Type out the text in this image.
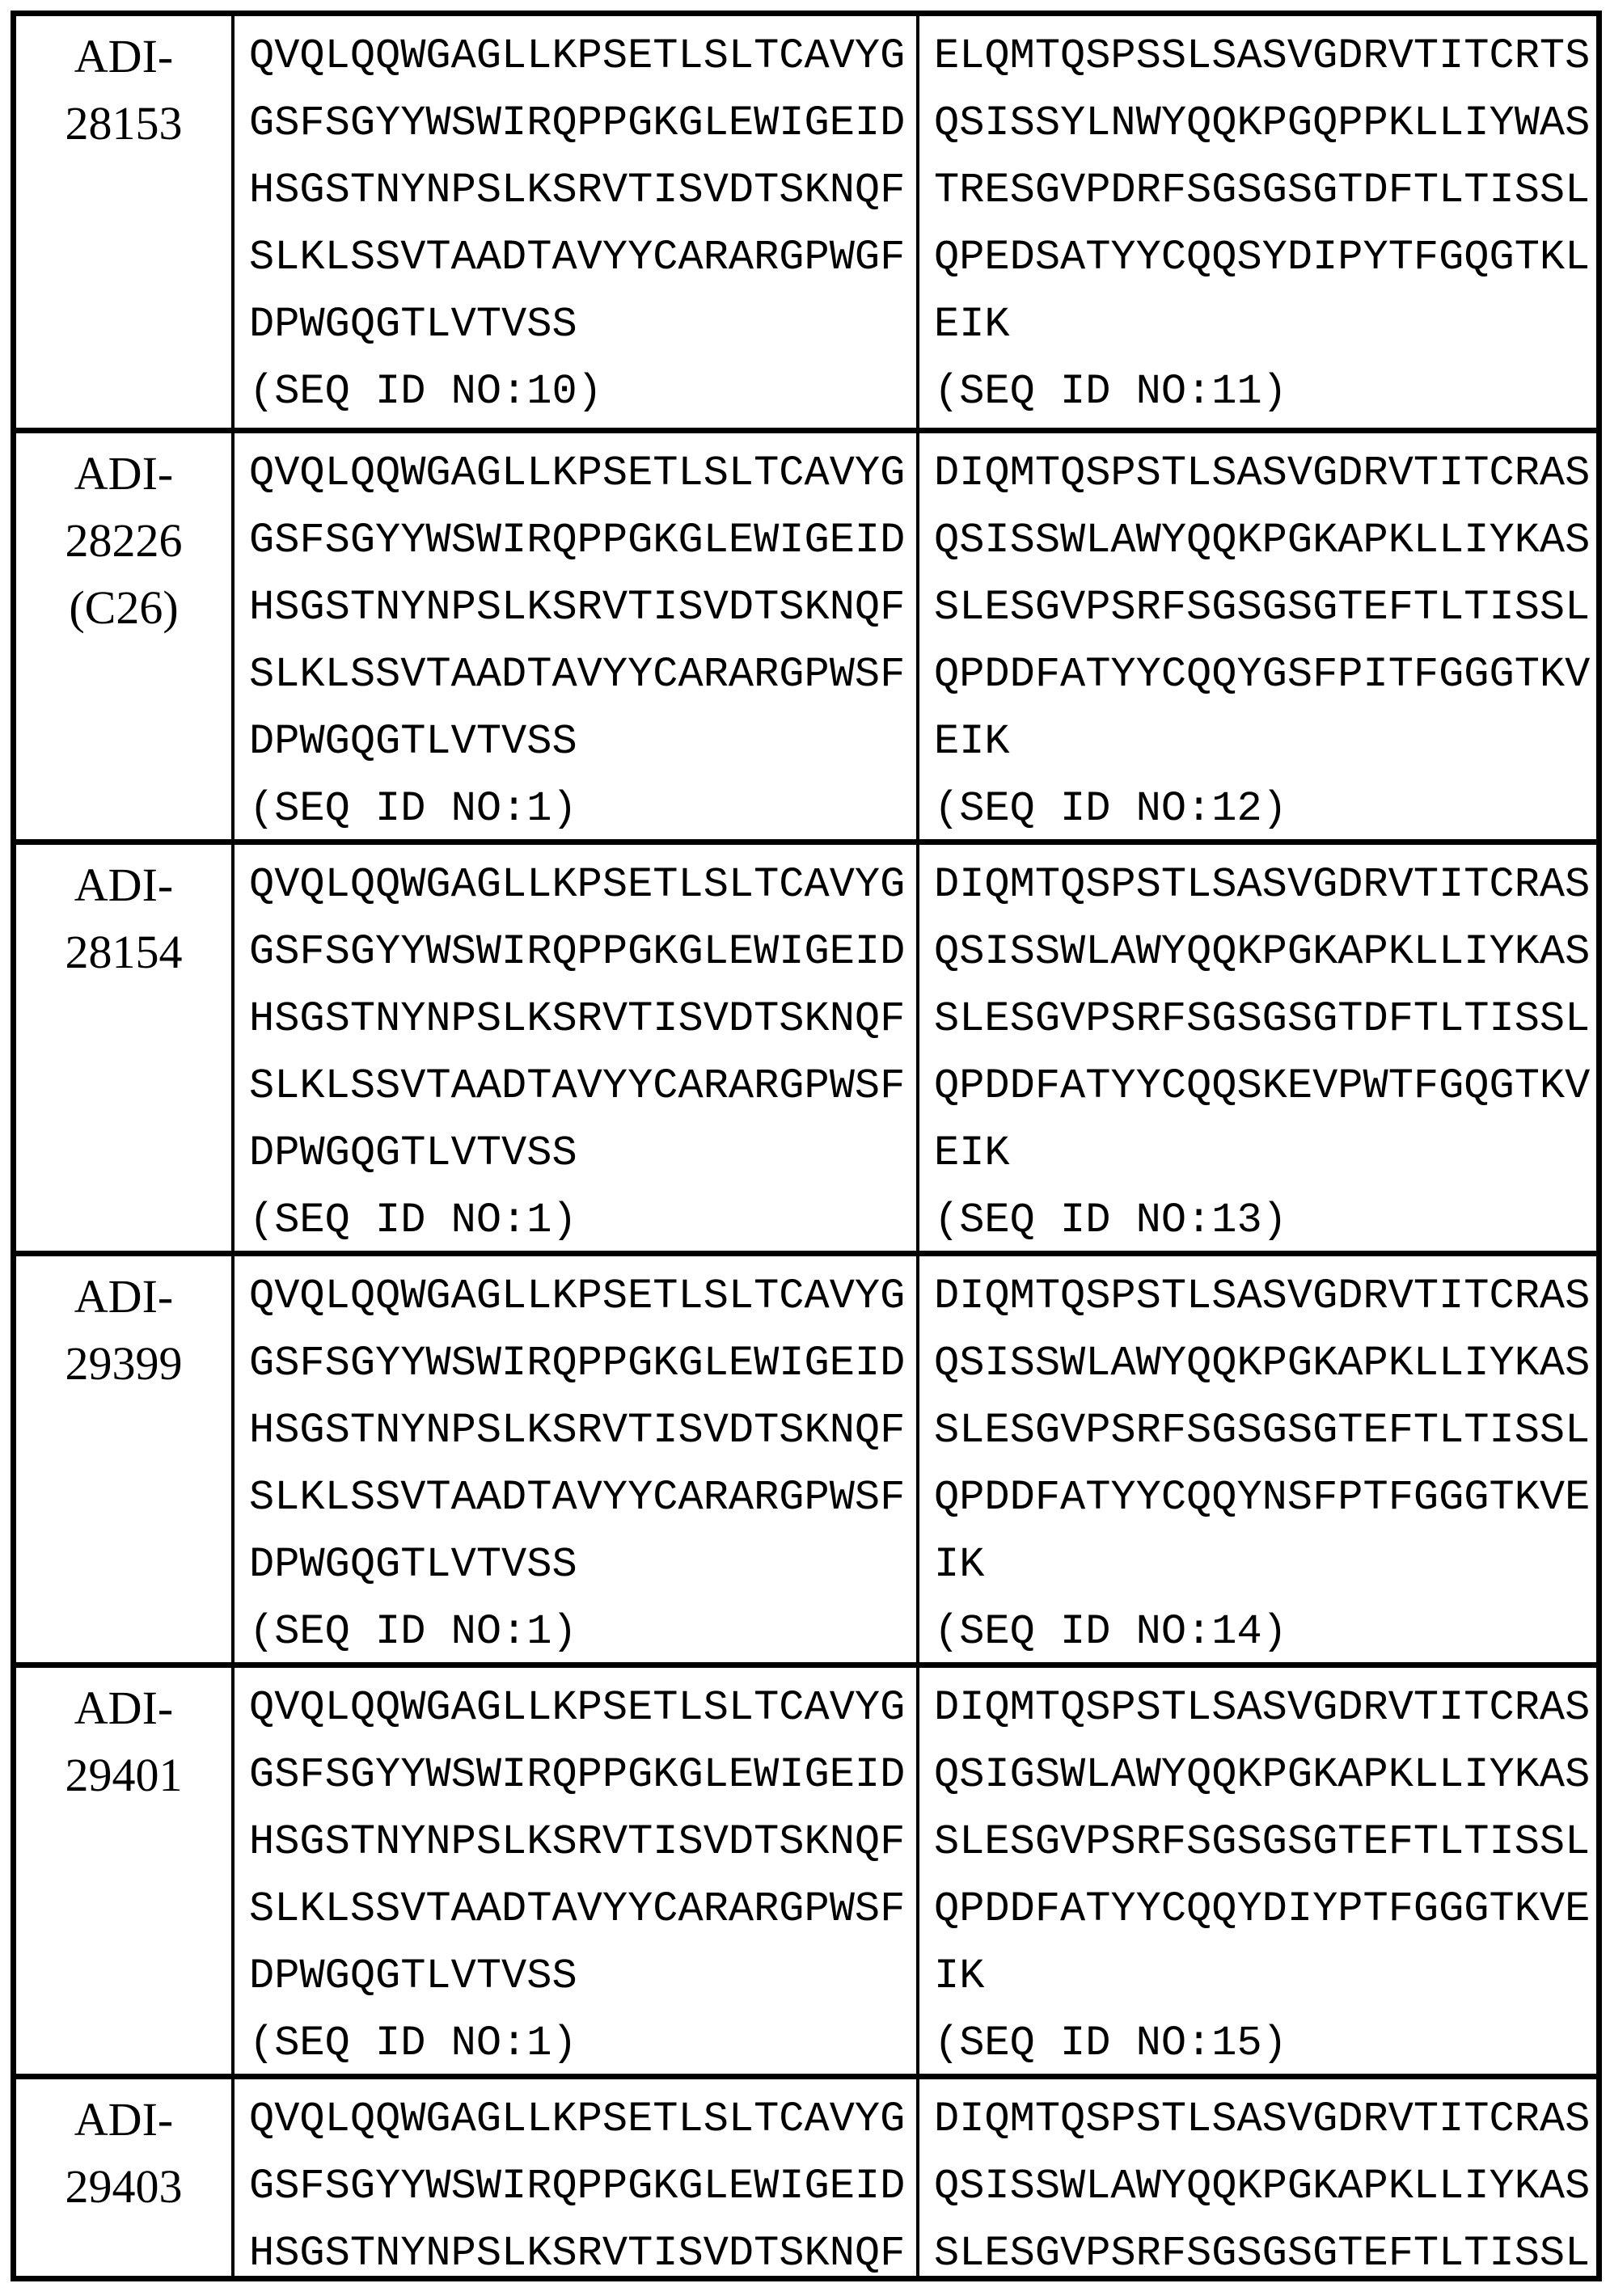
ADI-
28153
QVQLQQWGAGLLKPSETLSLTCAVYG
GSFSGYYWSWIRQPPGKGLEWIGEID
HSGSTNYNPSLKSRVTISVDTSKNQF
SLKLSSVTAADTAVYYCARARGPWGF
DPWGQGTLVTVSS
(SEQ ID NO:10)
ELQMTQSPSSLSASVGDRVTITCRTS
QSISSYLNWYQQKPGQPPKLLIYWAS
TRESGVPDRFSGSGSGTDFTLTISSL
QPEDSATYYCQQSYDIPYTFGQGTKL
EIK
(SEQ ID NO:11)
ADI-
28226
(C26)
QVQLQQWGAGLLKPSETLSLTCAVYG
GSFSGYYWSWIRQPPGKGLEWIGEID
HSGSTNYNPSLKSRVTISVDTSKNQF
SLKLSSVTAADTAVYYCARARGPWSF
DPWGQGTLVTVSS
(SEQ ID NO:1)
DIQMTQSPSTLSASVGDRVTITCRAS
QSISSWLAWYQQKPGKAPKLLIYKAS
SLESGVPSRFSGSGSGTEFTLTISSL
QPDDFATYYCQQYGSFPITFGGGTKV
EIK
(SEQ ID NO:12)
ADI-
28154
QVQLQQWGAGLLKPSETLSLTCAVYG
GSFSGYYWSWIRQPPGKGLEWIGEID
HSGSTNYNPSLKSRVTISVDTSKNQF
SLKLSSVTAADTAVYYCARARGPWSF
DPWGQGTLVTVSS
(SEQ ID NO:1)
DIQMTQSPSTLSASVGDRVTITCRAS
QSISSWLAWYQQKPGKAPKLLIYKAS
SLESGVPSRFSGSGSGTDFTLTISSL
QPDDFATYYCQQSKEVPWTFGQGTKV
EIK
(SEQ ID NO:13)
ADI-
29399
QVQLQQWGAGLLKPSETLSLTCAVYG
GSFSGYYWSWIRQPPGKGLEWIGEID
HSGSTNYNPSLKSRVTISVDTSKNQF
SLKLSSVTAADTAVYYCARARGPWSF
DPWGQGTLVTVSS
(SEQ ID NO:1)
DIQMTQSPSTLSASVGDRVTITCRAS
QSISSWLAWYQQKPGKAPKLLIYKAS
SLESGVPSRFSGSGSGTEFTLTISSL
QPDDFATYYCQQYNSFPTFGGGTKVE
IK
(SEQ ID NO:14)
ADI-
29401
QVQLQQWGAGLLKPSETLSLTCAVYG
GSFSGYYWSWIRQPPGKGLEWIGEID
HSGSTNYNPSLKSRVTISVDTSKNQF
SLKLSSVTAADTAVYYCARARGPWSF
DPWGQGTLVTVSS
(SEQ ID NO:1)
DIQMTQSPSTLSASVGDRVTITCRAS
QSIGSWLAWYQQKPGKAPKLLIYKAS
SLESGVPSRFSGSGSGTEFTLTISSL
QPDDFATYYCQQYDIYPTFGGGTKVE
IK
(SEQ ID NO:15)
ADI-
29403
QVQLQQWGAGLLKPSETLSLTCAVYG
GSFSGYYWSWIRQPPGKGLEWIGEID
HSGSTNYNPSLKSRVTISVDTSKNQF
DIQMTQSPSTLSASVGDRVTITCRAS
QSISSWLAWYQQKPGKAPKLLIYKAS
SLESGVPSRFSGSGSGTEFTLTISSL
